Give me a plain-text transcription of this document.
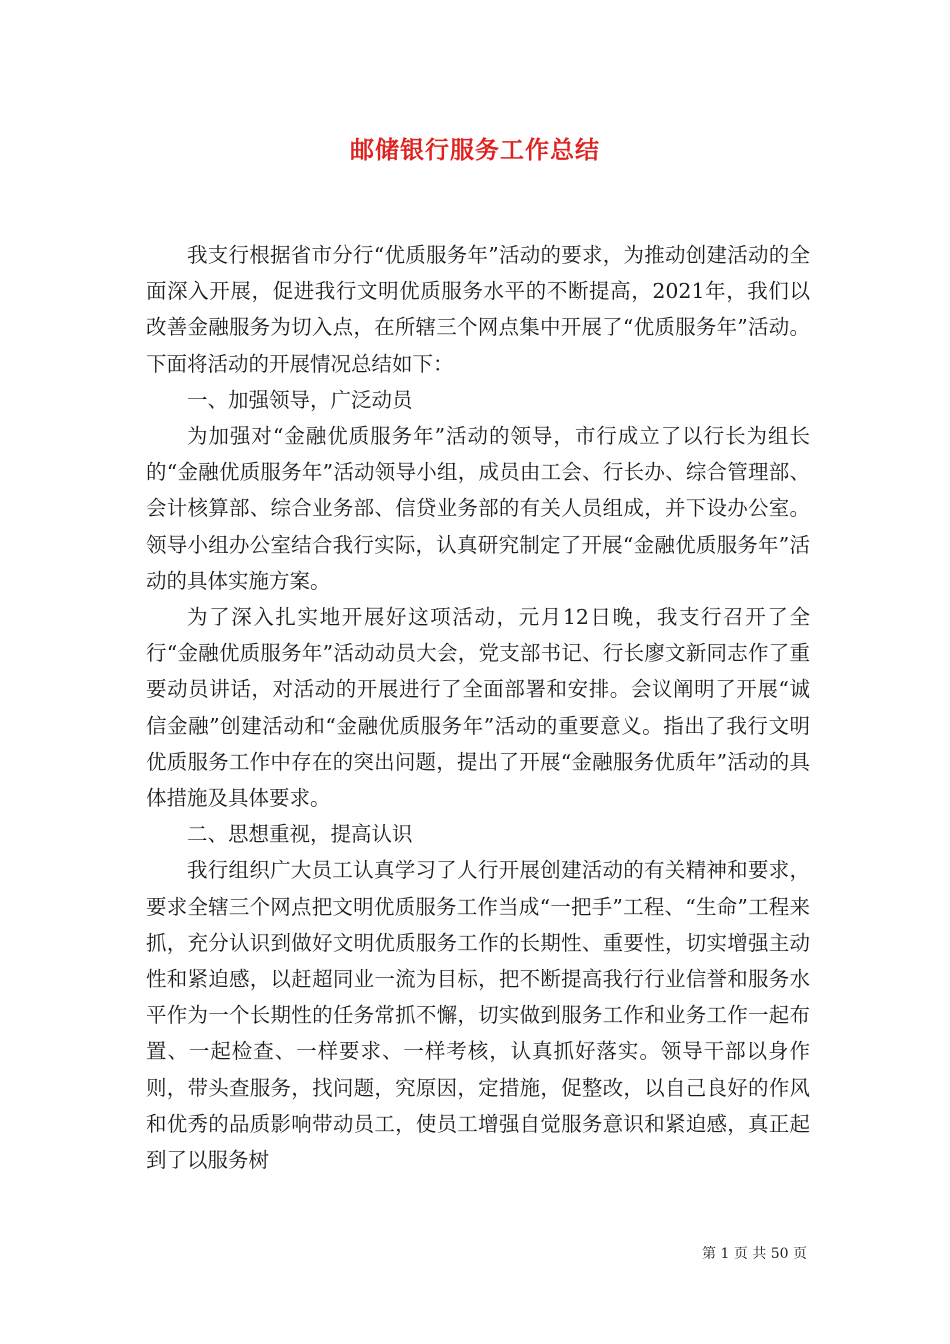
邮储银行服务工作总结

我支行根据省市分行“优质服务年”活动的要求，为推动创建活动的全面深入开展，促进我行文明优质服务水平的不断提高，2021年，我们以改善金融服务为切入点，在所辖三个网点集中开展了“优质服务年”活动。下面将活动的开展情况总结如下：

一、加强领导，广泛动员

为加强对“金融优质服务年”活动的领导，市行成立了以行长为组长的“金融优质服务年”活动领导小组，成员由工会、行长办、综合管理部、会计核算部、综合业务部、信贷业务部的有关人员组成，并下设办公室。领导小组办公室结合我行实际，认真研究制定了开展“金融优质服务年”活动的具体实施方案。

为了深入扎实地开展好这项活动，元月12日晚，我支行召开了全行“金融优质服务年”活动动员大会，党支部书记、行长廖文新同志作了重要动员讲话，对活动的开展进行了全面部署和安排。会议阐明了开展“诚信金融”创建活动和“金融优质服务年”活动的重要意义。指出了我行文明优质服务工作中存在的突出问题，提出了开展“金融服务优质年”活动的具体措施及具体要求。

二、思想重视，提高认识

我行组织广大员工认真学习了人行开展创建活动的有关精神和要求，要求全辖三个网点把文明优质服务工作当成“一把手”工程、“生命”工程来抓，充分认识到做好文明优质服务工作的长期性、重要性，切实增强主动性和紧迫感，以赶超同业一流为目标，把不断提高我行行业信誉和服务水平作为一个长期性的任务常抓不懈，切实做到服务工作和业务工作一起布置、一起检查、一样要求、一样考核，认真抓好落实。领导干部以身作则，带头查服务，找问题，究原因，定措施，促整改，以自己良好的作风和优秀的品质影响带动员工，使员工增强自觉服务意识和紧迫感，真正起到了以服务树

第 1 页 共 50 页
